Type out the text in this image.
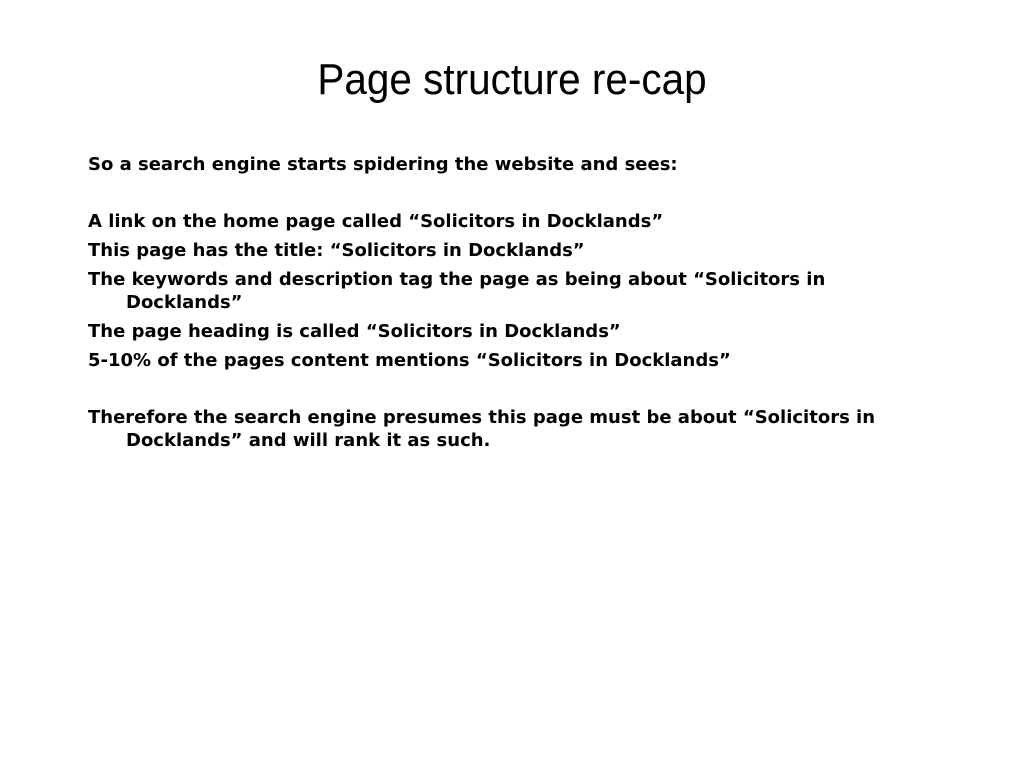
Page structure re-cap

So a search engine starts spidering the website and sees:

A link on the home page called “Solicitors in Docklands”

This page has the title: “Solicitors in Docklands”

The keywords and description tag the page as being about “Solicitors in Docklands”

The page heading is called “Solicitors in Docklands”

5-10% of the pages content mentions “Solicitors in Docklands”

Therefore the search engine presumes this page must be about “Solicitors in Docklands” and will rank it as such.
